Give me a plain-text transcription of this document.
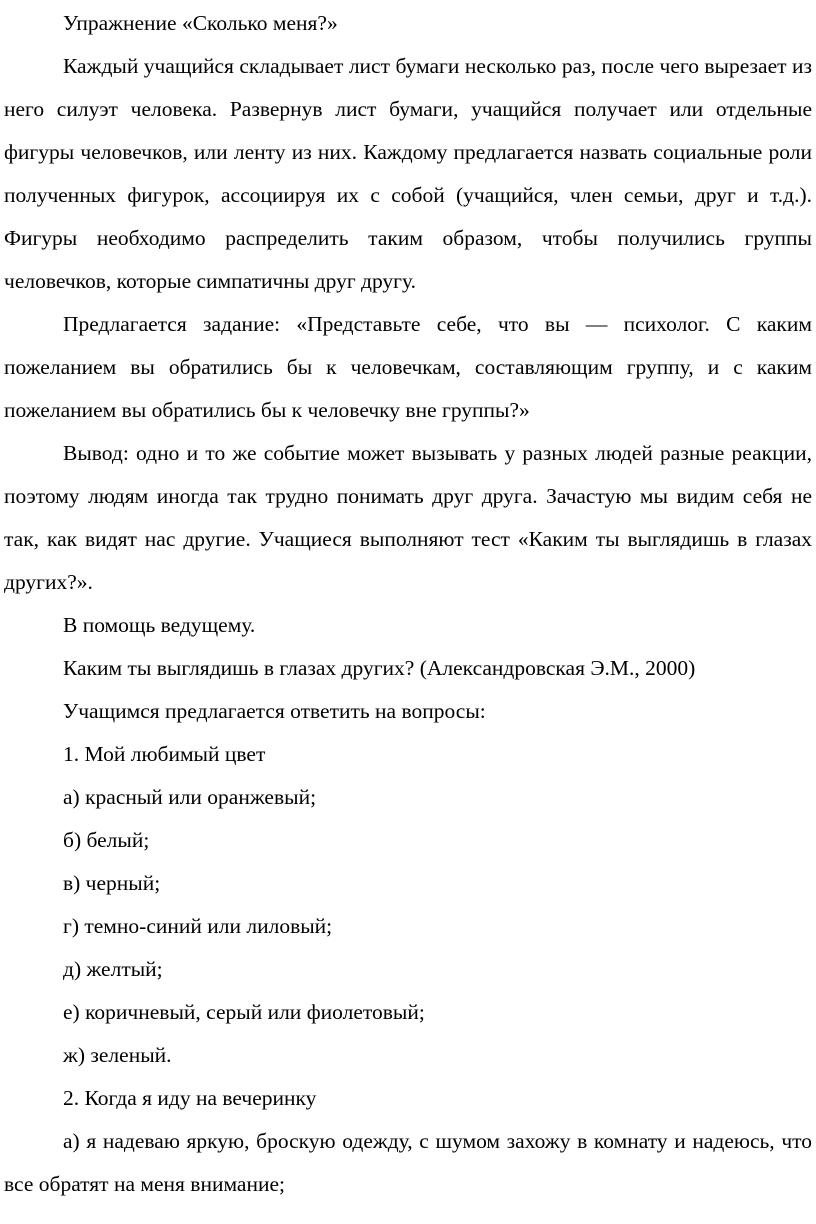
Упражнение «Сколько меня?»

Каждый учащийся складывает лист бумаги несколько раз, после чего вырезает из него силуэт человека. Развернув лист бумаги, учащийся получает или отдельные фигуры человечков, или ленту из них. Каждому предлагается назвать социальные роли полученных фигурок, ассоциируя их с собой (учащийся, член семьи, друг и т.д.). Фигуры необходимо распределить таким образом, чтобы получились группы человечков, которые симпатичны друг другу.

Предлагается задание: «Представьте себе, что вы — психолог. С каким пожеланием вы обратились бы к человечкам, составляющим группу, и с каким пожеланием вы обратились бы к человечку вне группы?»

Вывод: одно и то же событие может вызывать у разных людей разные реакции, поэтому людям иногда так трудно понимать друг друга. Зачастую мы видим себя не так, как видят нас другие. Учащиеся выполняют тест «Каким ты выглядишь в глазах других?».

В помощь ведущему.

Каким ты выглядишь в глазах других? (Александровская Э.М., 2000)

Учащимся предлагается ответить на вопросы:

1. Мой любимый цвет

а) красный или оранжевый;

б) белый;

в) черный;

г) темно-синий или лиловый;

д) желтый;

е) коричневый, серый или фиолетовый;

ж) зеленый.

2. Когда я иду на вечеринку

а) я надеваю яркую, броскую одежду, с шумом захожу в комнату и надеюсь, что все обратят на меня внимание;
